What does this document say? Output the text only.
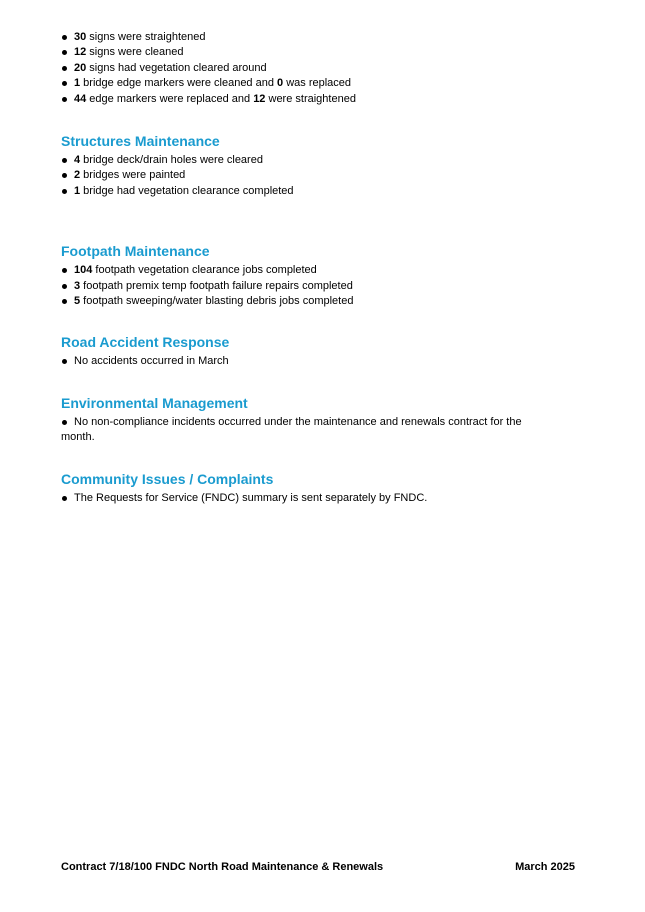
30 signs were straightened
12 signs were cleaned
20 signs had vegetation cleared around
1 bridge edge markers were cleaned and 0 was replaced
44 edge markers were replaced and 12 were straightened
Structures Maintenance
4 bridge deck/drain holes were cleared
2 bridges were painted
1 bridge had vegetation clearance completed
Footpath Maintenance
104 footpath vegetation clearance jobs completed
3 footpath premix temp footpath failure repairs completed
5 footpath sweeping/water blasting debris jobs completed
Road Accident Response
No accidents occurred in March
Environmental Management
No non-compliance incidents occurred under the maintenance and renewals contract for the month.
Community Issues / Complaints
The Requests for Service (FNDC) summary is sent separately by FNDC.
Contract 7/18/100 FNDC North Road Maintenance & Renewals	March 2025
